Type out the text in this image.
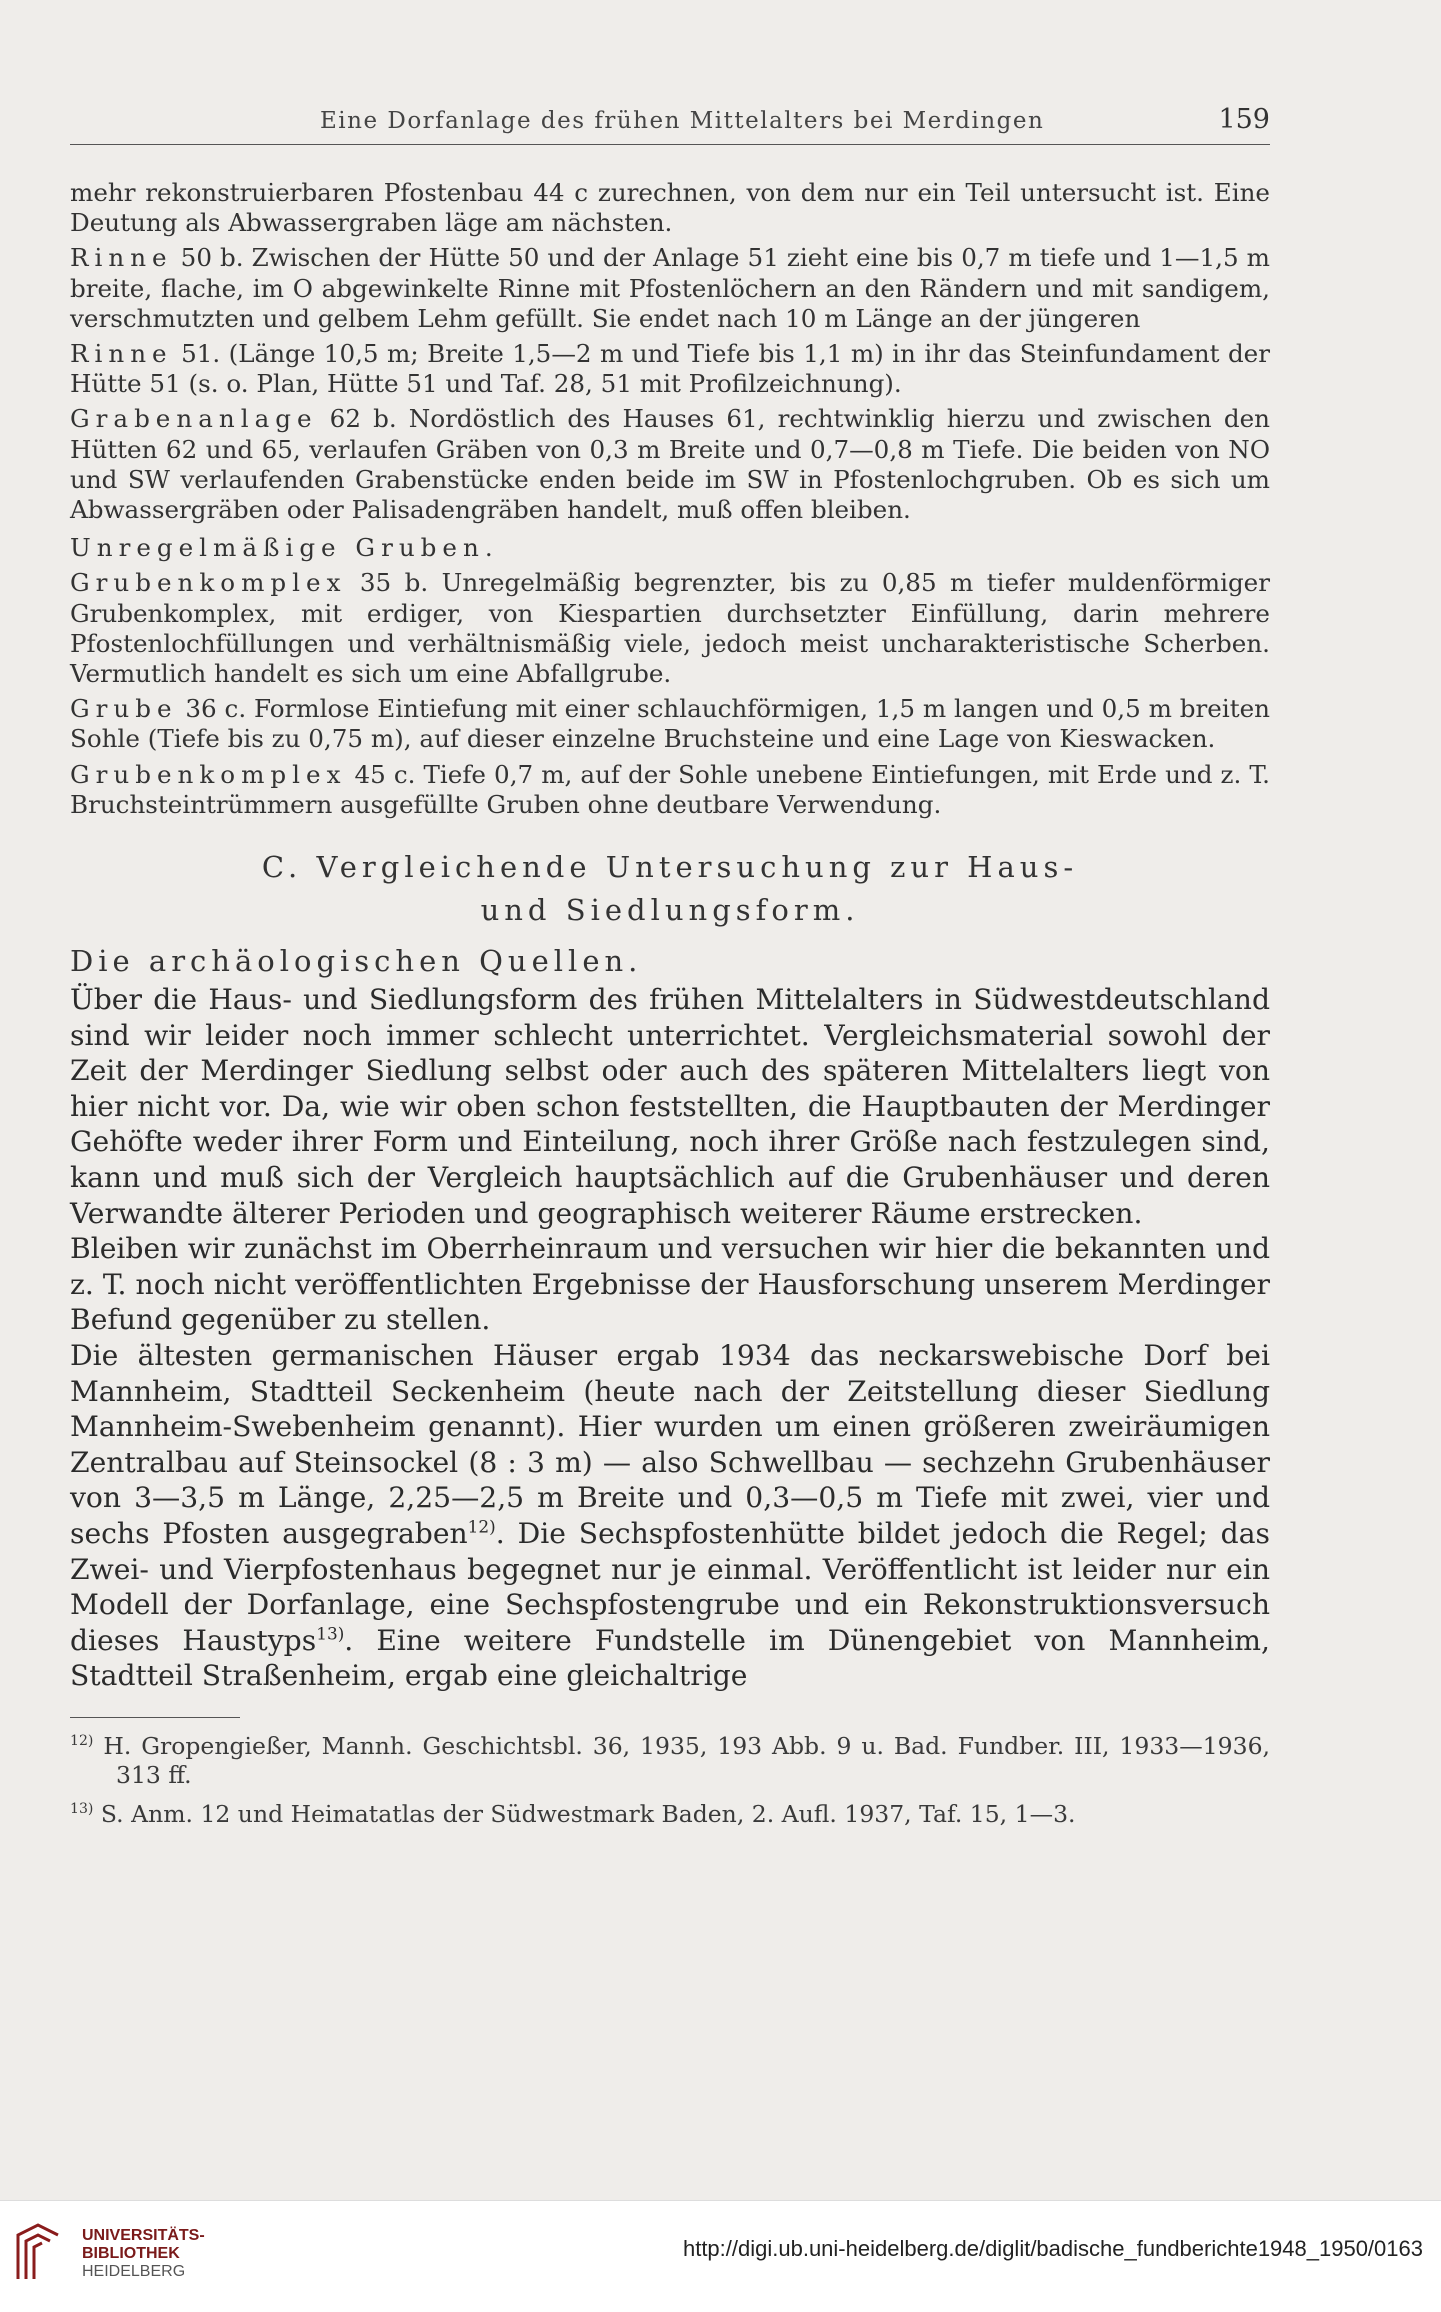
Eine Dorfanlage des frühen Mittelalters bei Merdingen	159

mehr rekonstruierbaren Pfostenbau 44 c zurechnen, von dem nur ein Teil untersucht ist. Eine Deutung als Abwassergraben läge am nächsten.

Rinne 50 b. Zwischen der Hütte 50 und der Anlage 51 zieht eine bis 0,7 m tiefe und 1—1,5 m breite, flache, im O abgewinkelte Rinne mit Pfostenlöchern an den Rändern und mit sandigem, verschmutzten und gelbem Lehm gefüllt. Sie endet nach 10 m Länge an der jüngeren

Rinne 51. (Länge 10,5 m; Breite 1,5—2 m und Tiefe bis 1,1 m) in ihr das Steinfundament der Hütte 51 (s. o. Plan, Hütte 51 und Taf. 28, 51 mit Profilzeichnung).

Grabenanlage 62 b. Nordöstlich des Hauses 61, rechtwinklig hierzu und zwischen den Hütten 62 und 65, verlaufen Gräben von 0,3 m Breite und 0,7—0,8 m Tiefe. Die beiden von NO und SW verlaufenden Grabenstücke enden beide im SW in Pfostenlochgruben. Ob es sich um Abwassergräben oder Palisadengräben handelt, muß offen bleiben.

Unregelmäßige Gruben.

Grubenkomplex 35 b. Unregelmäßig begrenzter, bis zu 0,85 m tiefer muldenförmiger Grubenkomplex, mit erdiger, von Kiespartien durchsetzter Einfüllung, darin mehrere Pfostenlochfüllungen und verhältnismäßig viele, jedoch meist uncharakteristische Scherben. Vermutlich handelt es sich um eine Abfallgrube.

Grube 36 c. Formlose Eintiefung mit einer schlauchförmigen, 1,5 m langen und 0,5 m breiten Sohle (Tiefe bis zu 0,75 m), auf dieser einzelne Bruchsteine und eine Lage von Kieswacken.

Grubenkomplex 45 c. Tiefe 0,7 m, auf der Sohle unebene Eintiefungen, mit Erde und z. T. Bruchsteintrümmern ausgefüllte Gruben ohne deutbare Verwendung.

C. Vergleichende Untersuchung zur Haus-
und Siedlungsform.
Die archäologischen Quellen.

Über die Haus- und Siedlungsform des frühen Mittelalters in Südwestdeutschland sind wir leider noch immer schlecht unterrichtet. Vergleichsmaterial sowohl der Zeit der Merdinger Siedlung selbst oder auch des späteren Mittelalters liegt von hier nicht vor. Da, wie wir oben schon feststellten, die Hauptbauten der Merdinger Gehöfte weder ihrer Form und Einteilung, noch ihrer Größe nach festzulegen sind, kann und muß sich der Vergleich hauptsächlich auf die Grubenhäuser und deren Verwandte älterer Perioden und geographisch weiterer Räume erstrecken.

Bleiben wir zunächst im Oberrheinraum und versuchen wir hier die bekannten und z. T. noch nicht veröffentlichten Ergebnisse der Hausforschung unserem Merdinger Befund gegenüber zu stellen.

Die ältesten germanischen Häuser ergab 1934 das neckarswebische Dorf bei Mannheim, Stadtteil Seckenheim (heute nach der Zeitstellung dieser Siedlung Mannheim-Swebenheim genannt). Hier wurden um einen größeren zweiräumigen Zentralbau auf Steinsockel (8 : 3 m) — also Schwellbau — sechzehn Grubenhäuser von 3—3,5 m Länge, 2,25—2,5 m Breite und 0,3—0,5 m Tiefe mit zwei, vier und sechs Pfosten ausgegraben$^{12)}$. Die Sechspfostenhütte bildet jedoch die Regel; das Zwei- und Vierpfostenhaus begegnet nur je einmal. Veröffentlicht ist leider nur ein Modell der Dorfanlage, eine Sechspfostengrube und ein Rekonstruktionsversuch dieses Haustyps$^{13)}$. Eine weitere Fundstelle im Dünengebiet von Mannheim, Stadtteil Straßenheim, ergab eine gleichaltrige

$^{12)}$ H. Gropengießer, Mannh. Geschichtsbl. 36, 1935, 193 Abb. 9 u. Bad. Fundber. III, 1933—1936, 313 ff.

$^{13)}$ S. Anm. 12 und Heimatatlas der Südwestmark Baden, 2. Aufl. 1937, Taf. 15, 1—3.

UNIVERSITÄTS-
BIBLIOTHEK
HEIDELBERG
http://digi.ub.uni-heidelberg.de/diglit/badische_fundberichte1948_1950/0163
